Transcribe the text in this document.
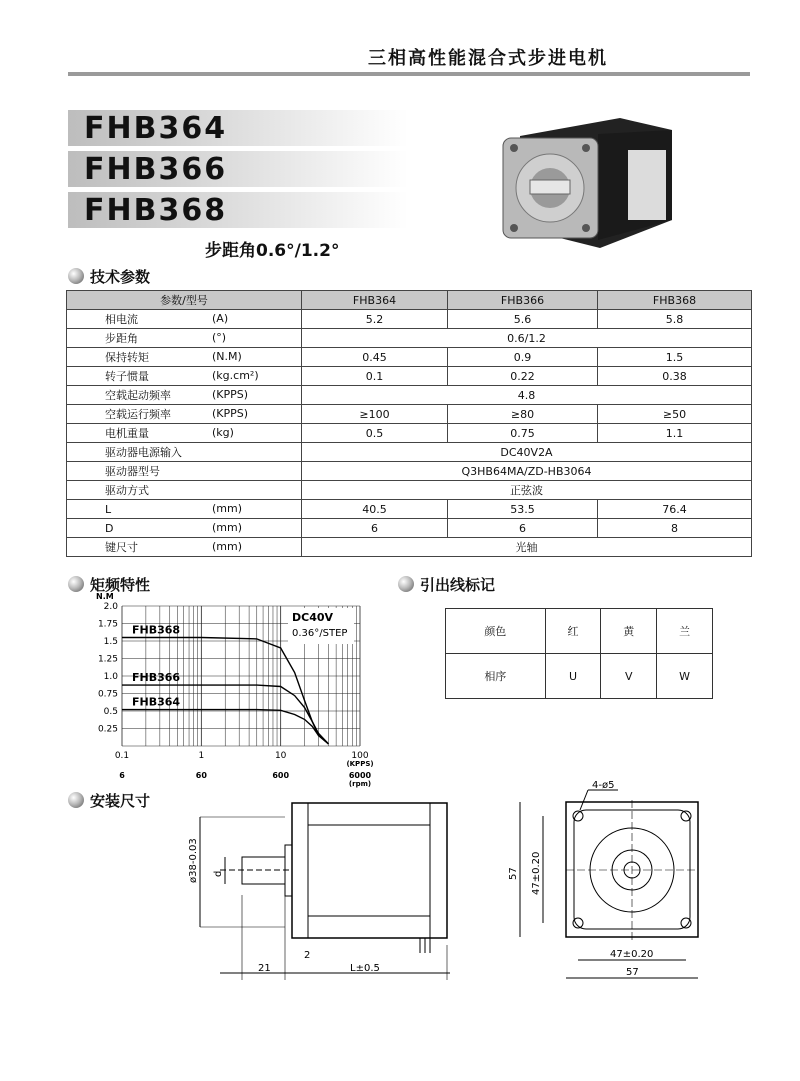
三相高性能混合式步进电机
FHB364
FHB366
FHB368
步距角0.6°/1.2°
技术参数
参数/型号	FHB364	FHB366	FHB368
相电流 (A)	5.2	5.6	5.8
步距角 (°)	0.6/1.2		
保持转矩 (N.M)	0.45	0.9	1.5
转子惯量 (kg.cm²)	0.1	0.22	0.38
空载起动频率 (KPPS)	4.8		
空载运行频率 (KPPS)	≥100	≥80	≥50
电机重量 (kg)	0.5	0.75	1.1
驱动器电源输入	DC40V2A		
驱动器型号	Q3HB64MA/ZD-HB3064		
驱动方式	正弦波		
L (mm)	40.5	53.5	76.4
D (mm)	6	6	8
键尺寸 (mm)	光轴		
矩频特性
2.0
1.75
1.5
1.25
1.0
0.75
0.5
0.25
N.M
0.1	1	10	100
(KPPS)
6	60	600	6000
(rpm)
FHB368
FHB366
FHB364
DC40V
0.36°/STEP
引出线标记
颜色	红	黄	兰
相序	U	V	W
安装尺寸
ø38-0.03 d
21
2
L±0.5
4-ø5
57 47±0.20
47±0.20
57
